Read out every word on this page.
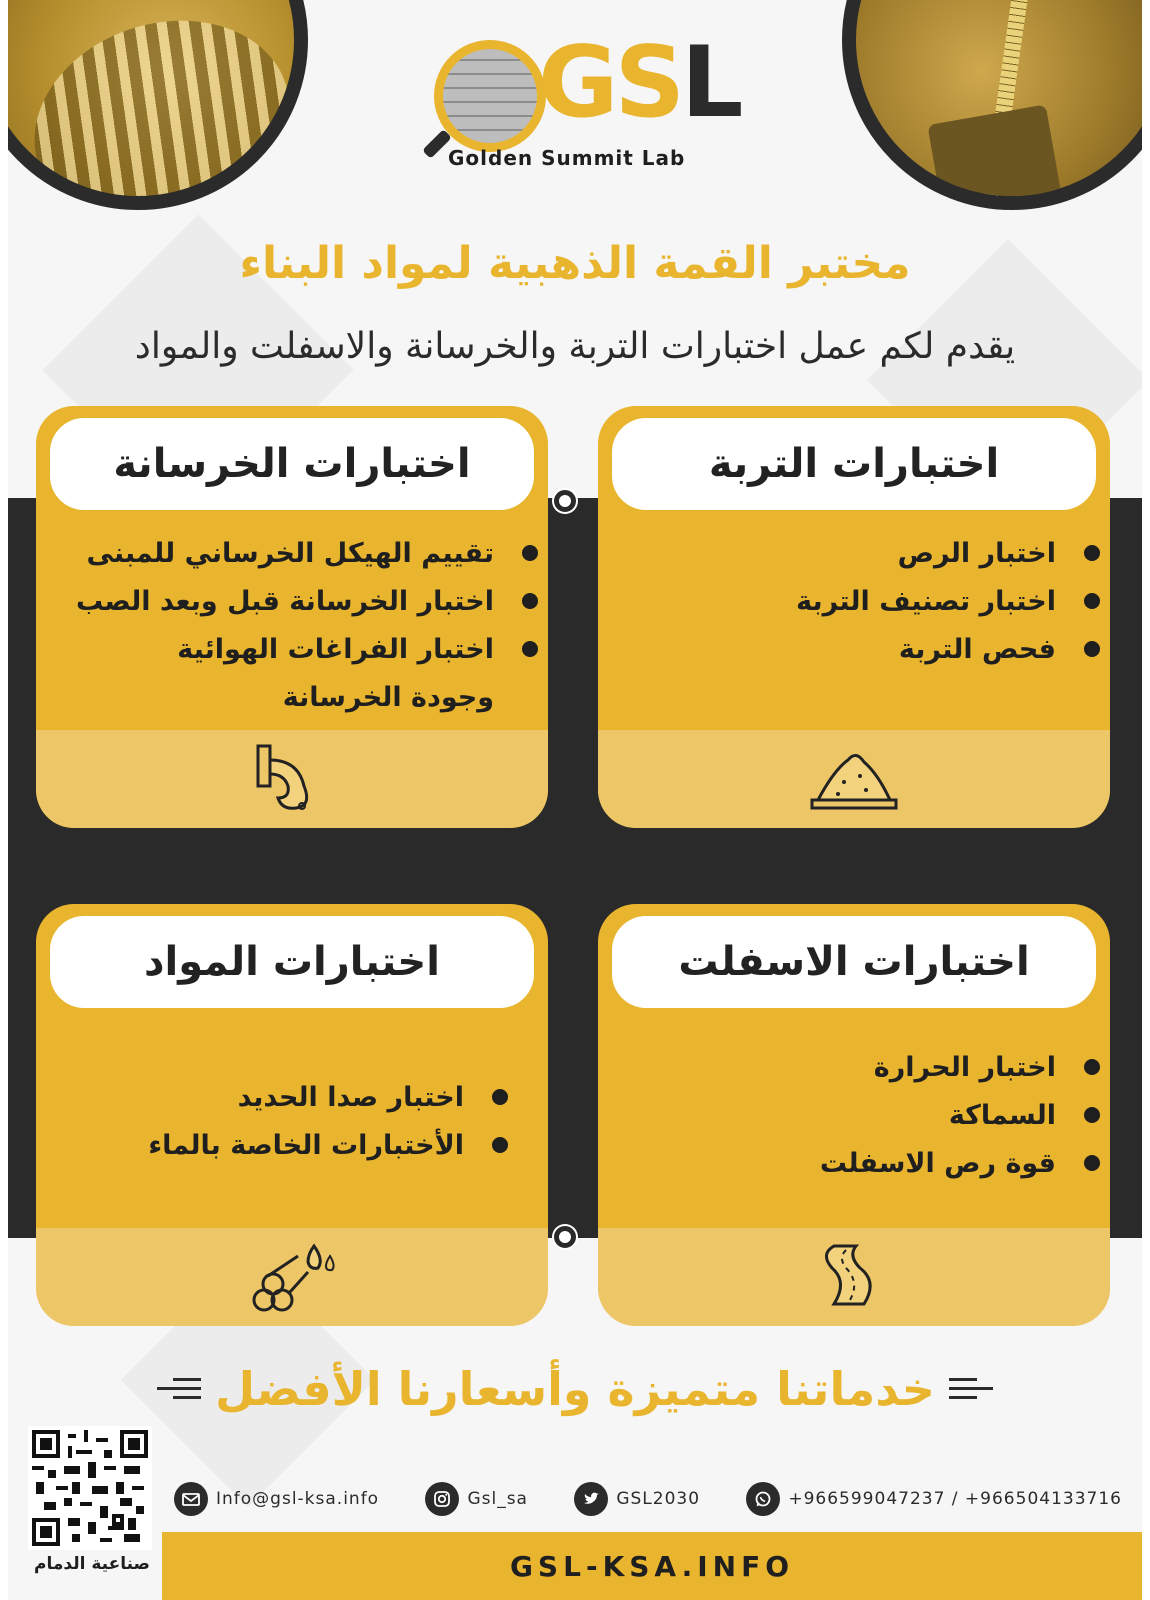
GSL
Golden Summit Lab
مختبر القمة الذهبية لمواد البناء
يقدم لكم عمل اختبارات التربة والخرسانة والاسفلت والمواد
اختبارات التربة
اختبار الرص
اختبار تصنيف التربة
فحص التربة
اختبارات الخرسانة
تقييم الهيكل الخرساني للمبنى
اختبار الخرسانة قبل وبعد الصب
اختبار الفراغات الهوائية
وجودة الخرسانة
اختبارات الاسفلت
اختبار الحرارة
السماكة
قوة رص الاسفلت
اختبارات المواد
اختبار صدا الحديد
الأختبارات الخاصة بالماء
خدماتنا متميزة وأسعارنا الأفضل
صناعية الدمام
Info@gsl-ksa.info	Gsl_sa	GSL2030	+966599047237 / +966504133716
GSL-KSA.INFO
